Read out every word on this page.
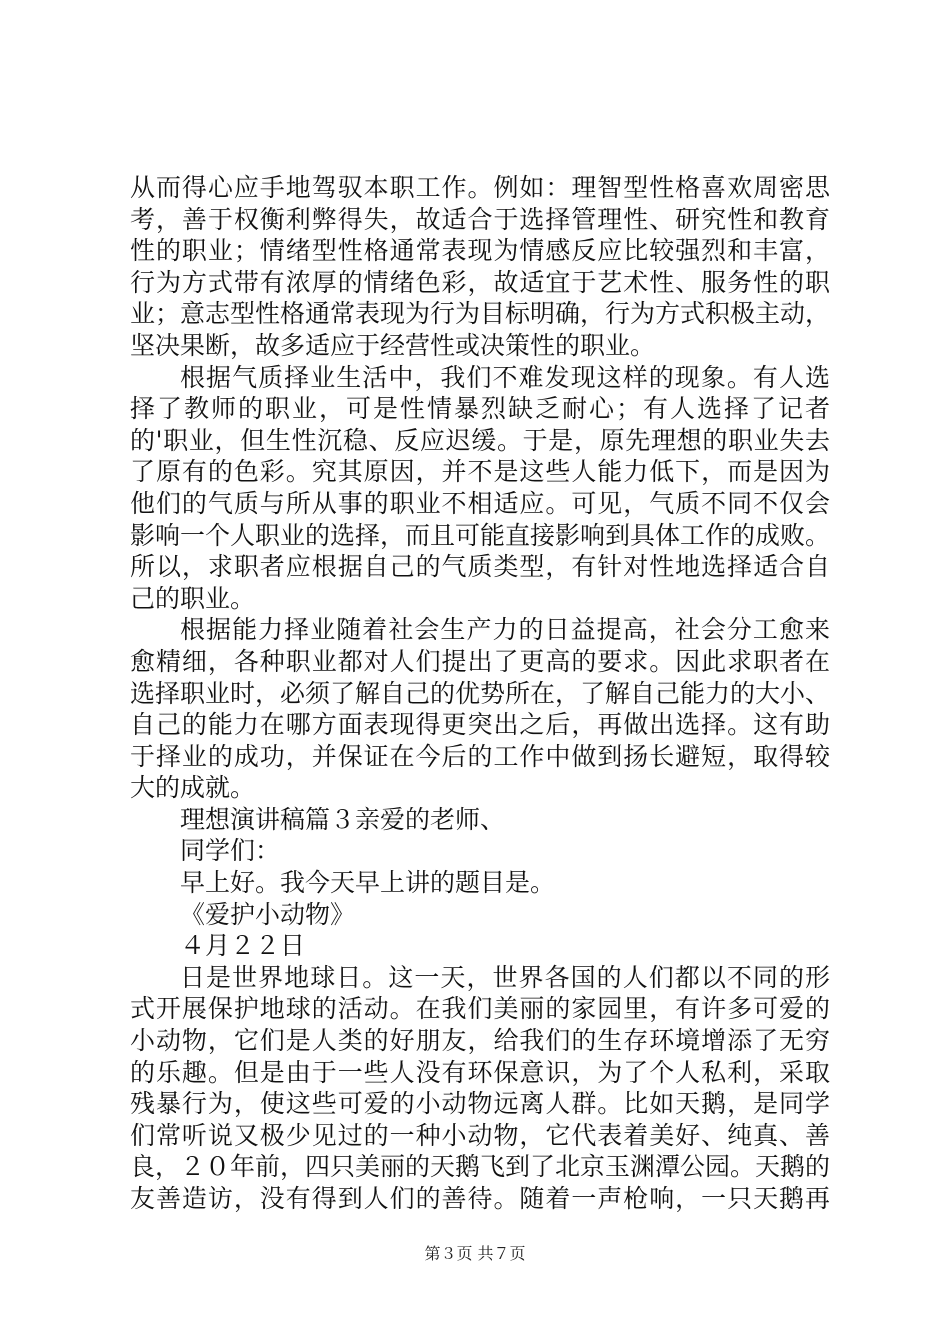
从而得心应手地驾驭本职工作。例如：理智型性格喜欢周密思
考，善于权衡利弊得失，故适合于选择管理性、研究性和教育
性的职业；情绪型性格通常表现为情感反应比较强烈和丰富，
行为方式带有浓厚的情绪色彩，故适宜于艺术性、服务性的职
业；意志型性格通常表现为行为目标明确，行为方式积极主动，
坚决果断，故多适应于经营性或决策性的职业。
根据气质择业生活中，我们不难发现这样的现象。有人选
择了教师的职业，可是性情暴烈缺乏耐心；有人选择了记者
的'职业，但生性沉稳、反应迟缓。于是，原先理想的职业失去
了原有的色彩。究其原因，并不是这些人能力低下，而是因为
他们的气质与所从事的职业不相适应。可见，气质不同不仅会
影响一个人职业的选择，而且可能直接影响到具体工作的成败。
所以，求职者应根据自己的气质类型，有针对性地选择适合自
己的职业。
根据能力择业随着社会生产力的日益提高，社会分工愈来
愈精细，各种职业都对人们提出了更高的要求。因此求职者在
选择职业时，必须了解自己的优势所在，了解自己能力的大小、
自己的能力在哪方面表现得更突出之后，再做出选择。这有助
于择业的成功，并保证在今后的工作中做到扬长避短，取得较
大的成就。
理想演讲稿篇３亲爱的老师、
同学们：
早上好。我今天早上讲的题目是。
《爱护小动物》
４月２２日
日是世界地球日。这一天，世界各国的人们都以不同的形
式开展保护地球的活动。在我们美丽的家园里，有许多可爱的
小动物，它们是人类的好朋友，给我们的生存环境增添了无穷
的乐趣。但是由于一些人没有环保意识，为了个人私利，采取
残暴行为，使这些可爱的小动物远离人群。比如天鹅，是同学
们常听说又极少见过的一种小动物，它代表着美好、纯真、善
良，２０年前，四只美丽的天鹅飞到了北京玉渊潭公园。天鹅的
友善造访，没有得到人们的善待。随着一声枪响，一只天鹅再
第３页 共７页
